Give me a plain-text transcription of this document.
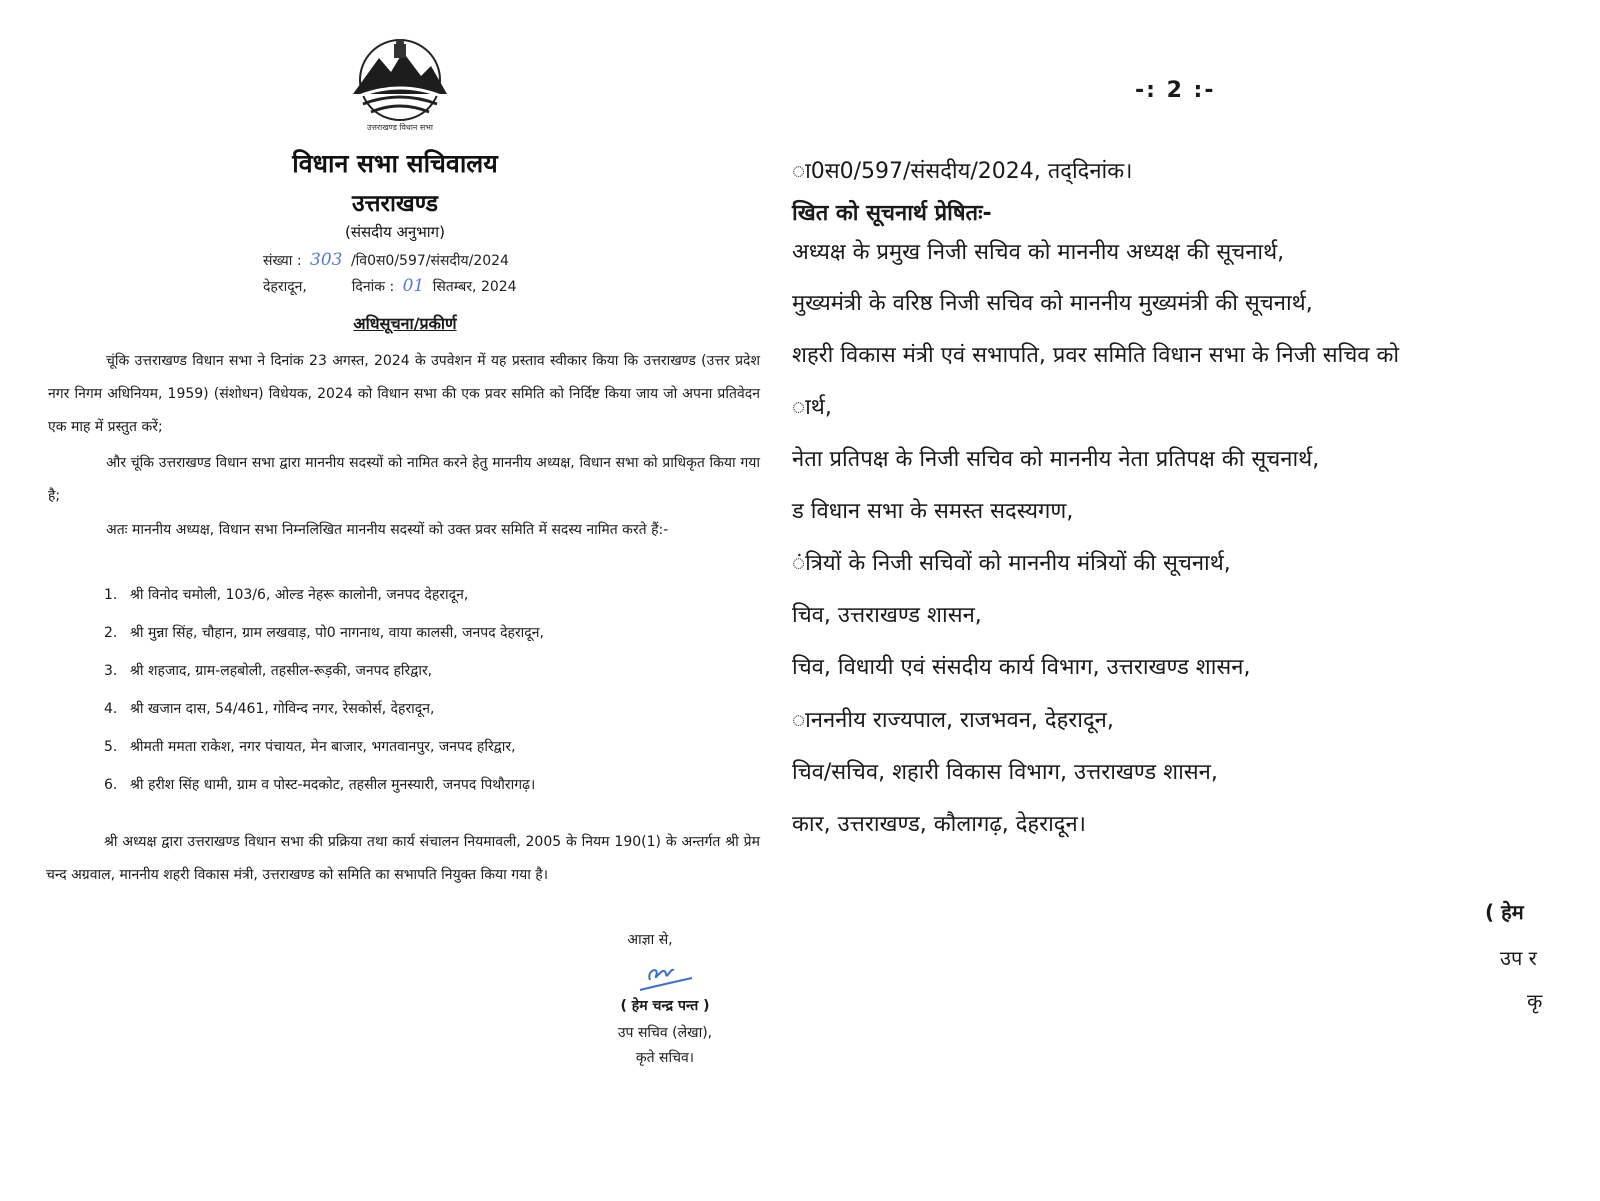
उत्तराखण्ड विधान सभा
विधान सभा सचिवालय
उत्तराखण्ड
(संसदीय अनुभाग)
संख्या : 303 /वि0स0/597/संसदीय/2024
देहरादून,	दिनांक : 01 सितम्बर, 2024
अधिसूचना/प्रकीर्ण

चूंकि उत्तराखण्ड विधान सभा ने दिनांक 23 अगस्त, 2024 के उपवेशन में यह प्रस्ताव स्वीकार किया कि उत्तराखण्ड (उत्तर प्रदेश नगर निगम अधिनियम, 1959) (संशोधन) विधेयक, 2024 को विधान सभा की एक प्रवर समिति को निर्दिष्ट किया जाय जो अपना प्रतिवेदन एक माह में प्रस्तुत करें;

और चूंकि उत्तराखण्ड विधान सभा द्वारा माननीय सदस्यों को नामित करने हेतु माननीय अध्यक्ष, विधान सभा को प्राधिकृत किया गया है;

अतः माननीय अध्यक्ष, विधान सभा निम्नलिखित माननीय सदस्यों को उक्त प्रवर समिति में सदस्य नामित करते हैं:-

1. श्री विनोद चमोली, 103/6, ओल्ड नेहरू कालोनी, जनपद देहरादून,
2. श्री मुन्ना सिंह, चौहान, ग्राम लखवाड़, पो0 नागनाथ, वाया कालसी, जनपद देहरादून,
3. श्री शहजाद, ग्राम-लहबोली, तहसील-रूड़की, जनपद हरिद्वार,
4. श्री खजान दास, 54/461, गोविन्द नगर, रेसकोर्स, देहरादून,
5. श्रीमती ममता राकेश, नगर पंचायत, मेन बाजार, भगतवानपुर, जनपद हरिद्वार,
6. श्री हरीश सिंह धामी, ग्राम व पोस्ट-मदकोट, तहसील मुनस्यारी, जनपद पिथौरागढ़।

श्री अध्यक्ष द्वारा उत्तराखण्ड विधान सभा की प्रक्रिया तथा कार्य संचालन नियमावली, 2005 के नियम 190(1) के अन्तर्गत श्री प्रेम चन्द अग्रवाल, माननीय शहरी विकास मंत्री, उत्तराखण्ड को समिति का सभापति नियुक्त किया गया है।

आज्ञा से,
( हेम चन्द्र पन्त )
उप सचिव (लेखा),
कृते सचिव।
-: 2 :-
ा0स0/597/संसदीय/2024, तद्‌दिनांक।
खित को सूचनार्थ प्रेषितः-
अध्यक्ष के प्रमुख निजी सचिव को माननीय अध्यक्ष की सूचनार्थ,
मुख्यमंत्री के वरिष्ठ निजी सचिव को माननीय मुख्यमंत्री की सूचनार्थ,
शहरी विकास मंत्री एवं सभापति, प्रवर समिति विधान सभा के निजी सचिव को
ार्थ,
नेता प्रतिपक्ष के निजी सचिव को माननीय नेता प्रतिपक्ष की सूचनार्थ,
ड विधान सभा के समस्त सदस्यगण,
ंत्रियों के निजी सचिवों को माननीय मंत्रियों की सूचनार्थ,
चिव, उत्तराखण्ड शासन,
चिव, विधायी एवं संसदीय कार्य विभाग, उत्तराखण्ड शासन,
ानननीय राज्यपाल, राजभवन, देहरादून,
चिव/सचिव, शहारी विकास विभाग, उत्तराखण्ड शासन,
कार, उत्तराखण्ड, कौलागढ़, देहरादून।
( हेम
उप र
कृ
